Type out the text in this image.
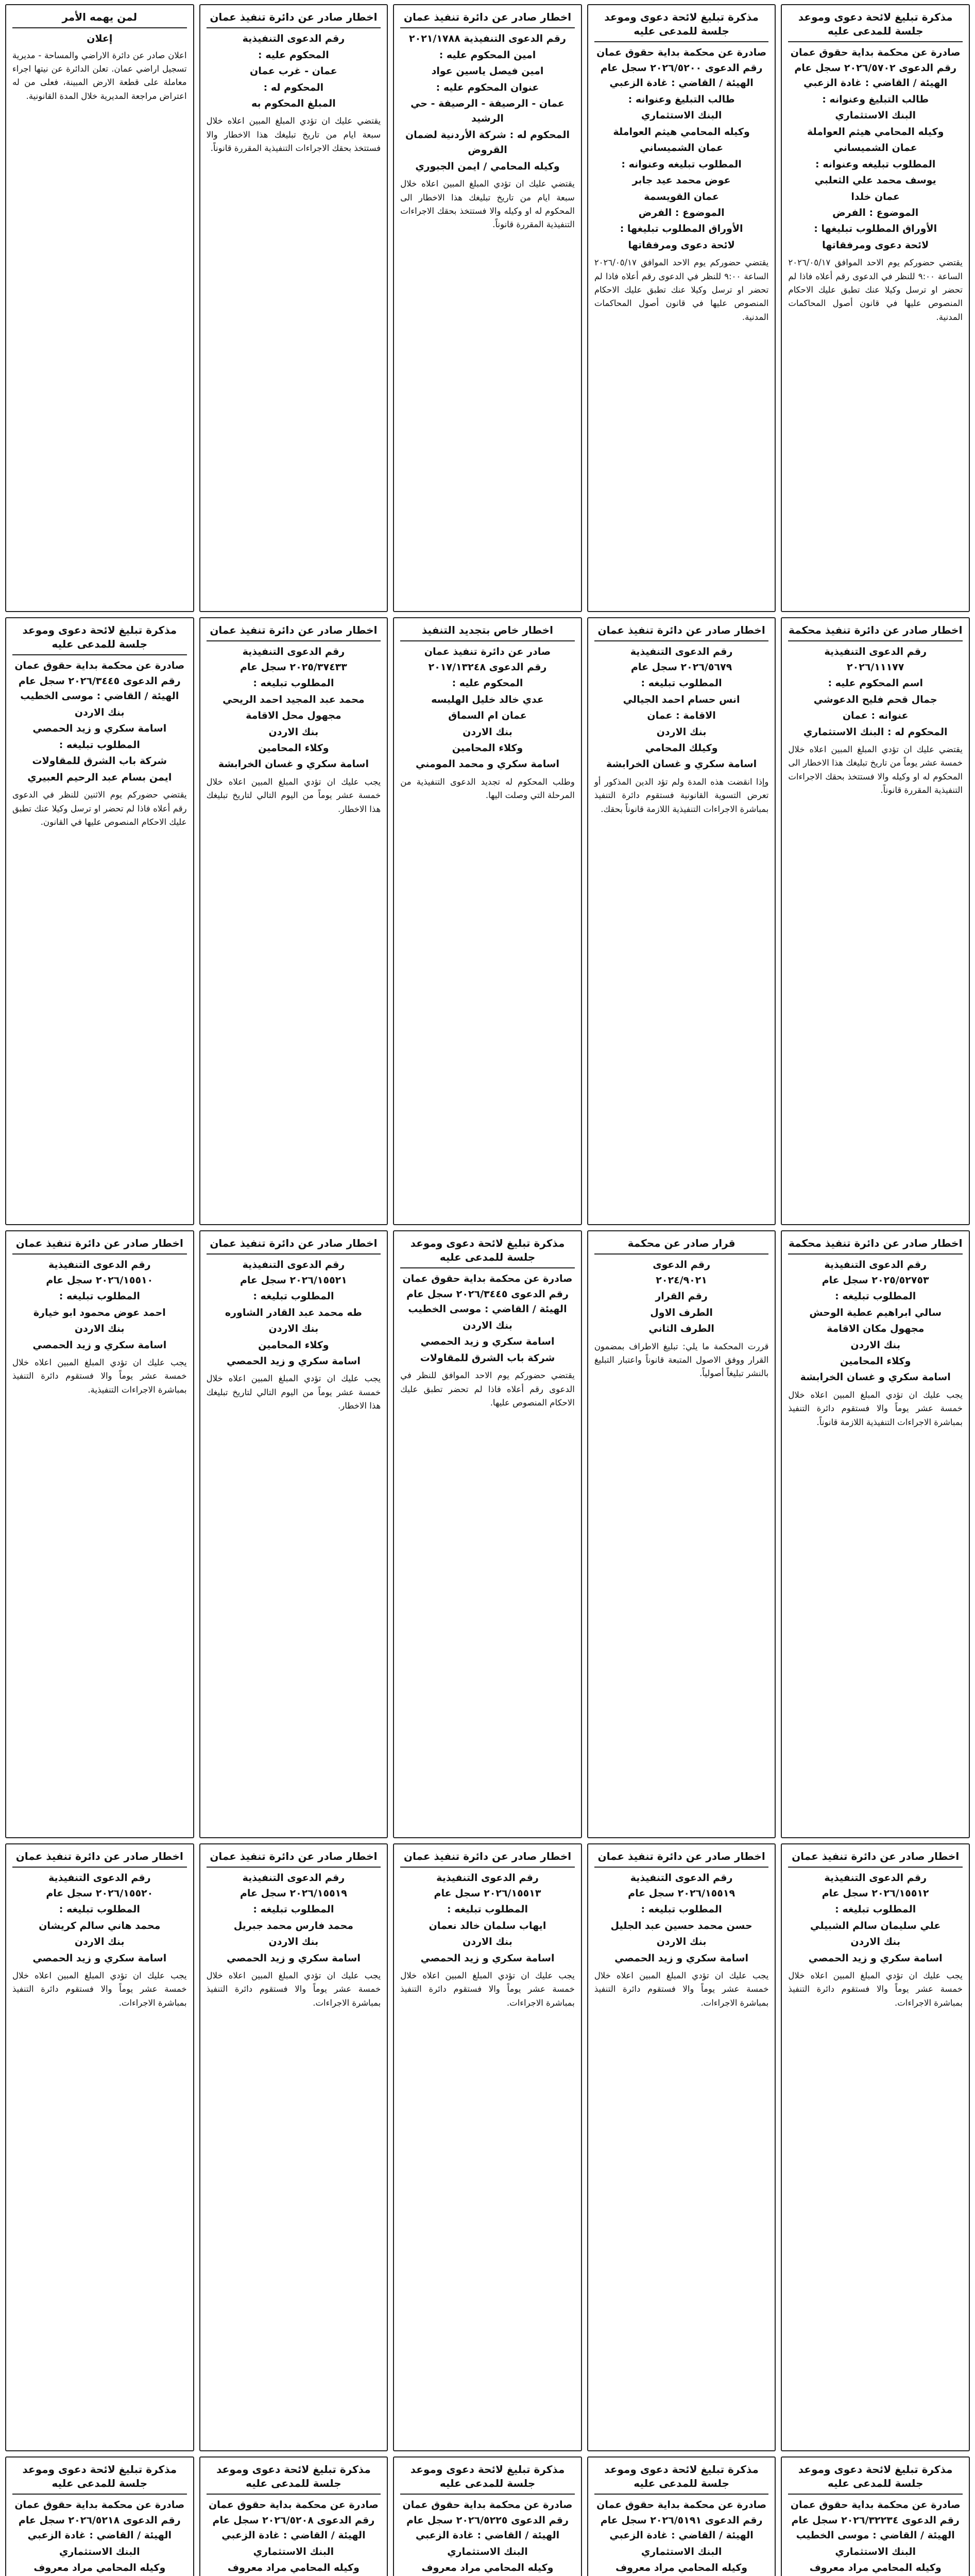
مذكرة تبليغ لائحة دعوى وموعد جلسة للمدعى عليه
صادرة عن محكمة بداية حقوق عمان
رقم الدعوى ٢٠٢٦/٥٧٠٢ سجل عام
الهيئة / القاضي : غادة الزعبي
طالب التبليغ وعنوانه :
البنك الاستثماري
وكيله المحامي هيثم العواملة
عمان الشميساني
المطلوب تبليغه وعنوانه :
يوسف محمد علي الثعلبي
عمان خلدا
الموضوع : الفرض
الأوراق المطلوب تبليغها :
لائحة دعوى ومرفقاتها
يقتضي حضوركم يوم الاحد الموافق ٢٠٢٦/٠٥/١٧ الساعة ٩:٠٠ للنظر في الدعوى رقم أعلاه فاذا لم تحضر او ترسل وكيلا عنك تطبق عليك الاحكام المنصوص عليها في قانون أصول المحاكمات المدنية.
مذكرة تبليغ لائحة دعوى وموعد جلسة للمدعى عليه
صادرة عن محكمة بداية حقوق عمان
رقم الدعوى ٢٠٢٦/٥٢٠٠ سجل عام
الهيئة / القاضي : غادة الزعبي
طالب التبليغ وعنوانه :
البنك الاستثماري
وكيله المحامي هيثم العواملة
عمان الشميساني
المطلوب تبليغه وعنوانه :
عوض محمد عيد جابر
عمان القويسمة
الموضوع : الفرض
الأوراق المطلوب تبليغها :
لائحة دعوى ومرفقاتها
يقتضي حضوركم يوم الاحد الموافق ٢٠٢٦/٠٥/١٧ الساعة ٩:٠٠ للنظر في الدعوى رقم أعلاه فاذا لم تحضر او ترسل وكيلا عنك تطبق عليك الاحكام المنصوص عليها في قانون أصول المحاكمات المدنية.
اخطار صادر عن دائرة تنفيذ عمان
رقم الدعوى التنفيذية ٢٠٢١/١٧٨٨
امين المحكوم عليه :
امين فيصل ياسين عواد
عنوان المحكوم عليه :
عمان - الرصيفة - الرصيفة - حي الرشيد
المحكوم له : شركة الأردنية لضمان القروض
وكيله المحامي / ايمن الجبوري
يقتضي عليك ان تؤدي المبلغ المبين اعلاه خلال سبعة ايام من تاريخ تبليغك هذا الاخطار الى المحكوم له او وكيله والا فستتخذ بحقك الاجراءات التنفيذية المقررة قانوناً.
اخطار صادر عن دائرة تنفيذ عمان
رقم الدعوى التنفيذية
المحكوم عليه :
عمان - غرب عمان
المحكوم له :
المبلغ المحكوم به
يقتضي عليك ان تؤدي المبلغ المبين اعلاه خلال سبعة ايام من تاريخ تبليغك هذا الاخطار والا فستتخذ بحقك الاجراءات التنفيذية المقررة قانوناً.
لمن يهمه الأمر
إعلان
اعلان صادر عن دائرة الاراضي والمساحة - مديرية تسجيل اراضي عمان. تعلن الدائرة عن نيتها اجراء معاملة على قطعة الارض المبينة، فعلى من له اعتراض مراجعة المديرية خلال المدة القانونية.
اخطار صادر عن دائرة تنفيذ محكمة
رقم الدعوى التنفيذية
٢٠٢٦/١١١٧٧
اسم المحكوم عليه :
جمال قحم فليح الدعوشي
عنوانه : عمان
المحكوم له : البنك الاستثماري
يقتضي عليك ان تؤدي المبلغ المبين اعلاه خلال خمسة عشر يوماً من تاريخ تبليغك هذا الاخطار الى المحكوم له او وكيله والا فستتخذ بحقك الاجراءات التنفيذية المقررة قانوناً.
اخطار صادر عن دائرة تنفيذ عمان
رقم الدعوى التنفيذية
٢٠٢٦/٥٦٧٩ سجل عام
المطلوب تبليغه :
انس حسام احمد الجيالي
الاقامة : عمان
بنك الاردن
وكيلك المحامي
اسامة سكري و غسان الخرابشة
وإذا انقضت هذه المدة ولم تؤد الدين المذكور أو تعرض التسوية القانونية فستقوم دائرة التنفيذ بمباشرة الاجراءات التنفيذية اللازمة قانوناً بحقك.
اخطار خاص بتجديد التنفيذ
صادر عن دائرة تنفيذ عمان
رقم الدعوى ٢٠١٧/١٣٢٤٨
المحكوم عليه :
عدي خالد خليل الهليسه
عمان ام السماق
بنك الاردن
وكلاء المحامين
اسامة سكري و محمد المومني
وطلب المحكوم له تجديد الدعوى التنفيذية من المرحلة التي وصلت اليها.
اخطار صادر عن دائرة تنفيذ عمان
رقم الدعوى التنفيذية
٢٠٢٥/٣٧٤٣٣ سجل عام
المطلوب تبليغه :
محمد عبد المجيد احمد الريحي
مجهول محل الاقامة
بنك الاردن
وكلاء المحامين
اسامة سكري و غسان الخرابشة
يجب عليك ان تؤدي المبلغ المبين اعلاه خلال خمسة عشر يوماً من اليوم التالي لتاريخ تبليغك هذا الاخطار.
مذكرة تبليغ لائحة دعوى وموعد جلسة للمدعى عليه
صادرة عن محكمة بداية حقوق عمان
رقم الدعوى ٢٠٢٦/٣٤٤٥ سجل عام
الهيئة / القاضي : موسى الخطيب
بنك الاردن
اسامة سكري و زيد الحمصي
المطلوب تبليغه :
شركة باب الشرق للمقاولات
ايمن بسام عبد الرحيم العبيري
يقتضي حضوركم يوم الاثنين للنظر في الدعوى رقم أعلاه فاذا لم تحضر او ترسل وكيلا عنك تطبق عليك الاحكام المنصوص عليها في القانون.
اخطار صادر عن دائرة تنفيذ محكمة
رقم الدعوى التنفيذية
٢٠٢٥/٥٢٧٥٣ سجل عام
المطلوب تبليغه :
سالي ابراهيم عطية الوحش
مجهول مكان الاقامة
بنك الاردن
وكلاء المحامين
اسامة سكري و غسان الخرابشة
يجب عليك ان تؤدي المبلغ المبين اعلاه خلال خمسة عشر يوماً والا فستقوم دائرة التنفيذ بمباشرة الاجراءات التنفيذية اللازمة قانوناً.
قرار صادر عن محكمة
رقم الدعوى
٢٠٢٤/٩٠٢١
رقم القرار
الطرف الاول
الطرف الثاني
قررت المحكمة ما يلي: تبليغ الاطراف بمضمون القرار ووفق الاصول المتبعة قانوناً واعتبار التبليغ بالنشر تبليغاً أصولياً.
مذكرة تبليغ لائحة دعوى وموعد جلسة للمدعى عليه
صادرة عن محكمة بداية حقوق عمان
رقم الدعوى ٢٠٢٦/٣٤٤٥ سجل عام
الهيئة / القاضي : موسى الخطيب
بنك الاردن
اسامة سكري و زيد الحمصي
شركة باب الشرق للمقاولات
يقتضي حضوركم يوم الاحد الموافق للنظر في الدعوى رقم أعلاه فاذا لم تحضر تطبق عليك الاحكام المنصوص عليها.
اخطار صادر عن دائرة تنفيذ عمان
رقم الدعوى التنفيذية
٢٠٢٦/١٥٥٢١ سجل عام
المطلوب تبليغه :
طه محمد عبد القادر الشاوره
بنك الاردن
وكلاء المحامين
اسامة سكري و زيد الحمصي
يجب عليك ان تؤدي المبلغ المبين اعلاه خلال خمسة عشر يوماً من اليوم التالي لتاريخ تبليغك هذا الاخطار.
اخطار صادر عن دائرة تنفيذ عمان
رقم الدعوى التنفيذية
٢٠٢٦/١٥٥١٠ سجل عام
المطلوب تبليغه :
احمد عوض محمود ابو خيارة
بنك الاردن
اسامة سكري و زيد الحمصي
يجب عليك ان تؤدي المبلغ المبين اعلاه خلال خمسة عشر يوماً والا فستقوم دائرة التنفيذ بمباشرة الاجراءات التنفيذية.
اخطار صادر عن دائرة تنفيذ عمان
رقم الدعوى التنفيذية
٢٠٢٦/١٥٥١٢ سجل عام
المطلوب تبليغه :
علي سليمان سالم الشبيلي
بنك الاردن
اسامة سكري و زيد الحمصي
يجب عليك ان تؤدي المبلغ المبين اعلاه خلال خمسة عشر يوماً والا فستقوم دائرة التنفيذ بمباشرة الاجراءات.
اخطار صادر عن دائرة تنفيذ عمان
رقم الدعوى التنفيذية
٢٠٢٦/١٥٥١٩ سجل عام
المطلوب تبليغه :
حسن محمد حسين عبد الجليل
بنك الاردن
اسامة سكري و زيد الحمصي
يجب عليك ان تؤدي المبلغ المبين اعلاه خلال خمسة عشر يوماً والا فستقوم دائرة التنفيذ بمباشرة الاجراءات.
اخطار صادر عن دائرة تنفيذ عمان
رقم الدعوى التنفيذية
٢٠٢٦/١٥٥١٣ سجل عام
المطلوب تبليغه :
ايهاب سلمان خالد نعمان
بنك الاردن
اسامة سكري و زيد الحمصي
يجب عليك ان تؤدي المبلغ المبين اعلاه خلال خمسة عشر يوماً والا فستقوم دائرة التنفيذ بمباشرة الاجراءات.
اخطار صادر عن دائرة تنفيذ عمان
رقم الدعوى التنفيذية
٢٠٢٦/١٥٥١٩ سجل عام
المطلوب تبليغه :
محمد فارس محمد جبريل
بنك الاردن
اسامة سكري و زيد الحمصي
يجب عليك ان تؤدي المبلغ المبين اعلاه خلال خمسة عشر يوماً والا فستقوم دائرة التنفيذ بمباشرة الاجراءات.
اخطار صادر عن دائرة تنفيذ عمان
رقم الدعوى التنفيذية
٢٠٢٦/١٥٥٢٠ سجل عام
المطلوب تبليغه :
محمد هاني سالم كريشان
بنك الاردن
اسامة سكري و زيد الحمصي
يجب عليك ان تؤدي المبلغ المبين اعلاه خلال خمسة عشر يوماً والا فستقوم دائرة التنفيذ بمباشرة الاجراءات.
مذكرة تبليغ لائحة دعوى وموعد جلسة للمدعى عليه
صادرة عن محكمة بداية حقوق عمان
رقم الدعوى ٢٠٢٦/٣٢٢٣٤ سجل عام
الهيئة / القاضي : موسى الخطيب
البنك الاستثماري
وكيله المحامي مراد معروف
مذكرة تبليغ لائحة دعوى وموعد جلسة للمدعى عليه
صادرة عن محكمة بداية حقوق عمان
رقم الدعوى ٢٠٢٦/٥١٩١ سجل عام
الهيئة / القاضي : غادة الزعبي
البنك الاستثماري
وكيله المحامي مراد معروف
مذكرة تبليغ لائحة دعوى وموعد جلسة للمدعى عليه
صادرة عن محكمة بداية حقوق عمان
رقم الدعوى ٢٠٢٦/٥٢٢٥ سجل عام
الهيئة / القاضي : غادة الزعبي
البنك الاستثماري
وكيله المحامي مراد معروف
مذكرة تبليغ لائحة دعوى وموعد جلسة للمدعى عليه
صادرة عن محكمة بداية حقوق عمان
رقم الدعوى ٢٠٢٦/٥٢٠٨ سجل عام
الهيئة / القاضي : غادة الزعبي
البنك الاستثماري
وكيله المحامي مراد معروف
مذكرة تبليغ لائحة دعوى وموعد جلسة للمدعى عليه
صادرة عن محكمة بداية حقوق عمان
رقم الدعوى ٢٠٢٦/٥٢١٨ سجل عام
الهيئة / القاضي : غادة الزعبي
البنك الاستثماري
وكيله المحامي مراد معروف
